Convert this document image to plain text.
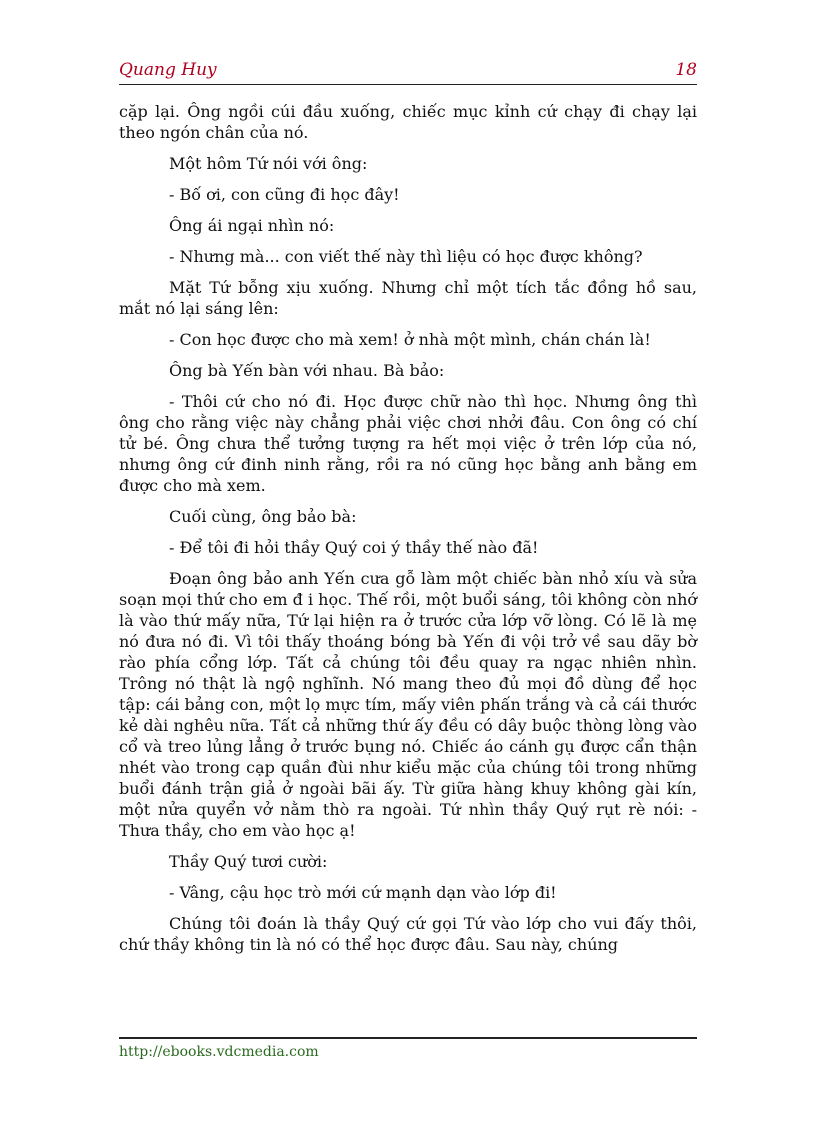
Quang Huy	18

cặp lại. Ông ngồi cúi đầu xuống, chiếc mục kỉnh cứ chạy đi chạy lại theo ngón chân của nó.

Một hôm Tứ nói với ông:

- Bố ơi, con cũng đi học đây!

Ông ái ngại nhìn nó:

- Nhưng mà... con viết thế này thì liệu có học được không?

Mặt Tứ bỗng xịu xuống. Nhưng chỉ một tích tắc đồng hồ sau, mắt nó lại sáng lên:

- Con học được cho mà xem! ở nhà một mình, chán chán là!

Ông bà Yến bàn với nhau. Bà bảo:

- Thôi cứ cho nó đi. Học được chữ nào thì học. Nhưng ông thì ông cho rằng việc này chẳng phải việc chơi nhởi đâu. Con ông có chí tử bé. Ông chưa thể tưởng tượng ra hết mọi việc ở trên lớp của nó, nhưng ông cứ đinh ninh rằng, rồi ra nó cũng học bằng anh bằng em được cho mà xem.

Cuối cùng, ông bảo bà:

- Để tôi đi hỏi thầy Quý coi ý thầy thế nào đã!

Đoạn ông bảo anh Yến cưa gỗ làm một chiếc bàn nhỏ xíu và sửa soạn mọi thứ cho em đ i học. Thế rồi, một buổi sáng, tôi không còn nhớ là vào thứ mấy nữa, Tứ lại hiện ra ở trước cửa lớp vỡ lòng. Có lẽ là mẹ nó đưa nó đi. Vì tôi thấy thoáng bóng bà Yến đi vội trở về sau dãy bờ rào phía cổng lớp. Tất cả chúng tôi đều quay ra ngạc nhiên nhìn. Trông nó thật là ngộ nghĩnh. Nó mang theo đủ mọi đồ dùng để học tập: cái bảng con, một lọ mực tím, mấy viên phấn trắng và cả cái thước kẻ dài nghêu nữa. Tất cả những thứ ấy đều có dây buộc thòng lòng vào cổ và treo lủng lẳng ở trước bụng nó. Chiếc áo cánh gụ được cẩn thận nhét vào trong cạp quần đùi như kiểu mặc của chúng tôi trong những buổi đánh trận giả ở ngoài bãi ấy. Từ giữa hàng khuy không gài kín, một nửa quyển vở nằm thò ra ngoài. Tứ nhìn thầy Quý rụt rè nói: - Thưa thầy, cho em vào học ạ!

Thầy Quý tươi cười:

- Vâng, cậu học trò mới cứ mạnh dạn vào lớp đi!

Chúng tôi đoán là thầy Quý cứ gọi Tứ vào lớp cho vui đấy thôi, chứ thầy không tin là nó có thể học được đâu. Sau này, chúng

http://ebooks.vdcmedia.com
